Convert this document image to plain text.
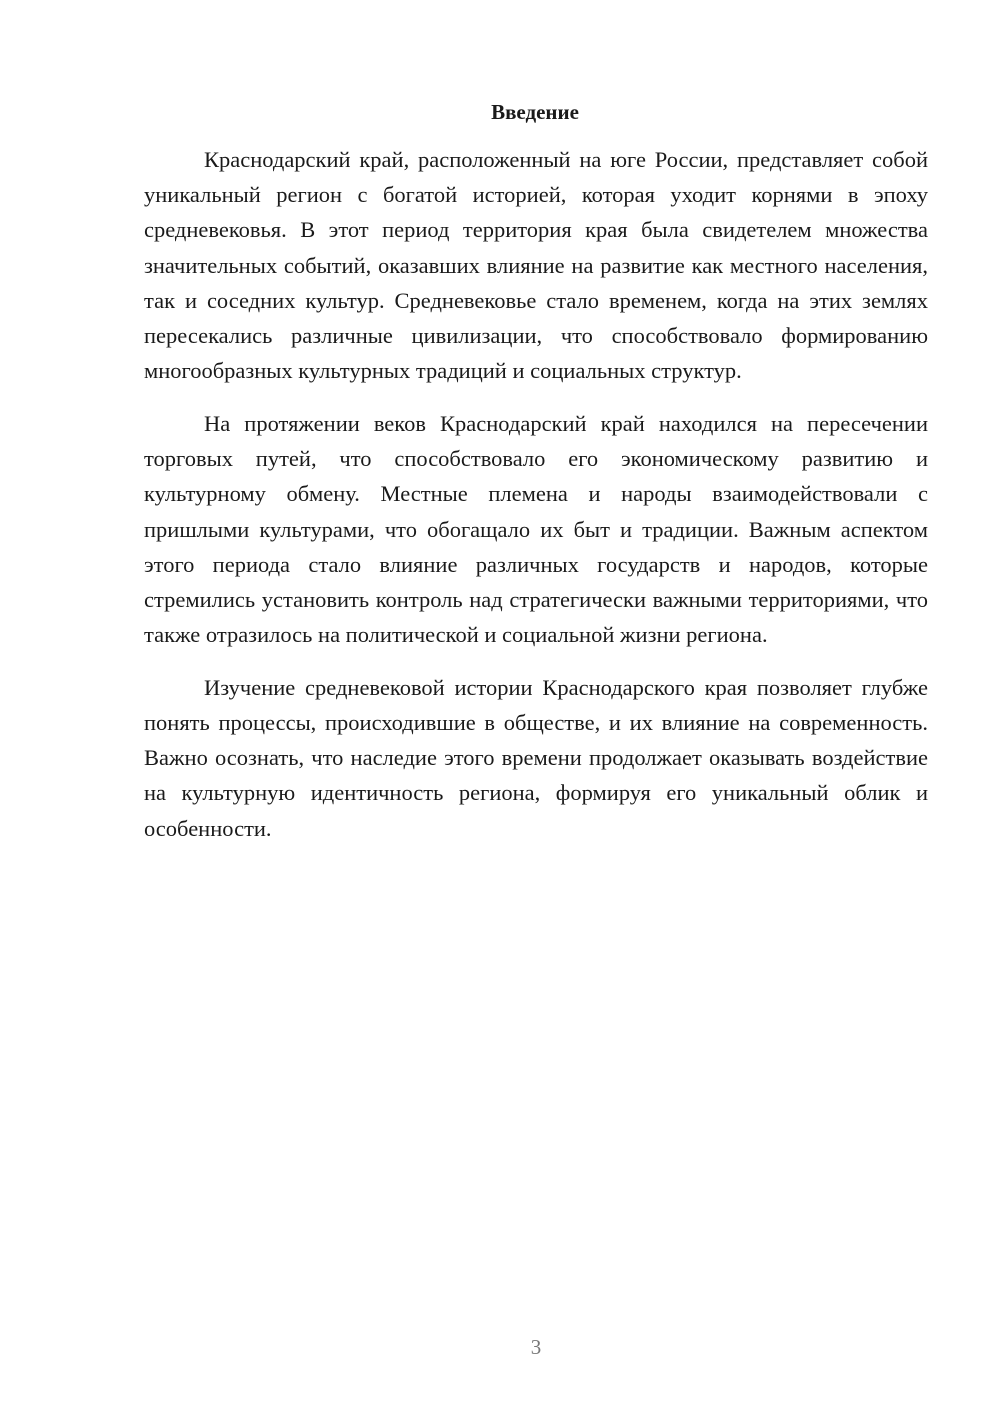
Введение

Краснодарский край, расположенный на юге России, представляет собой уникальный регион с богатой историей, которая уходит корнями в эпоху средневековья. В этот период территория края была свидетелем множества значительных событий, оказавших влияние на развитие как местного населения, так и соседних культур. Средневековье стало временем, когда на этих землях пересекались различные цивилизации, что способствовало формированию многообразных культурных традиций и социальных структур.

На протяжении веков Краснодарский край находился на пересечении торговых путей, что способствовало его экономическому развитию и культурному обмену. Местные племена и народы взаимодействовали с пришлыми культурами, что обогащало их быт и традиции. Важным аспектом этого периода стало влияние различных государств и народов, которые стремились установить контроль над стратегически важными территориями, что также отразилось на политической и социальной жизни региона.

Изучение средневековой истории Краснодарского края позволяет глубже понять процессы, происходившие в обществе, и их влияние на современность. Важно осознать, что наследие этого времени продолжает оказывать воздействие на культурную идентичность региона, формируя его уникальный облик и особенности.

3
